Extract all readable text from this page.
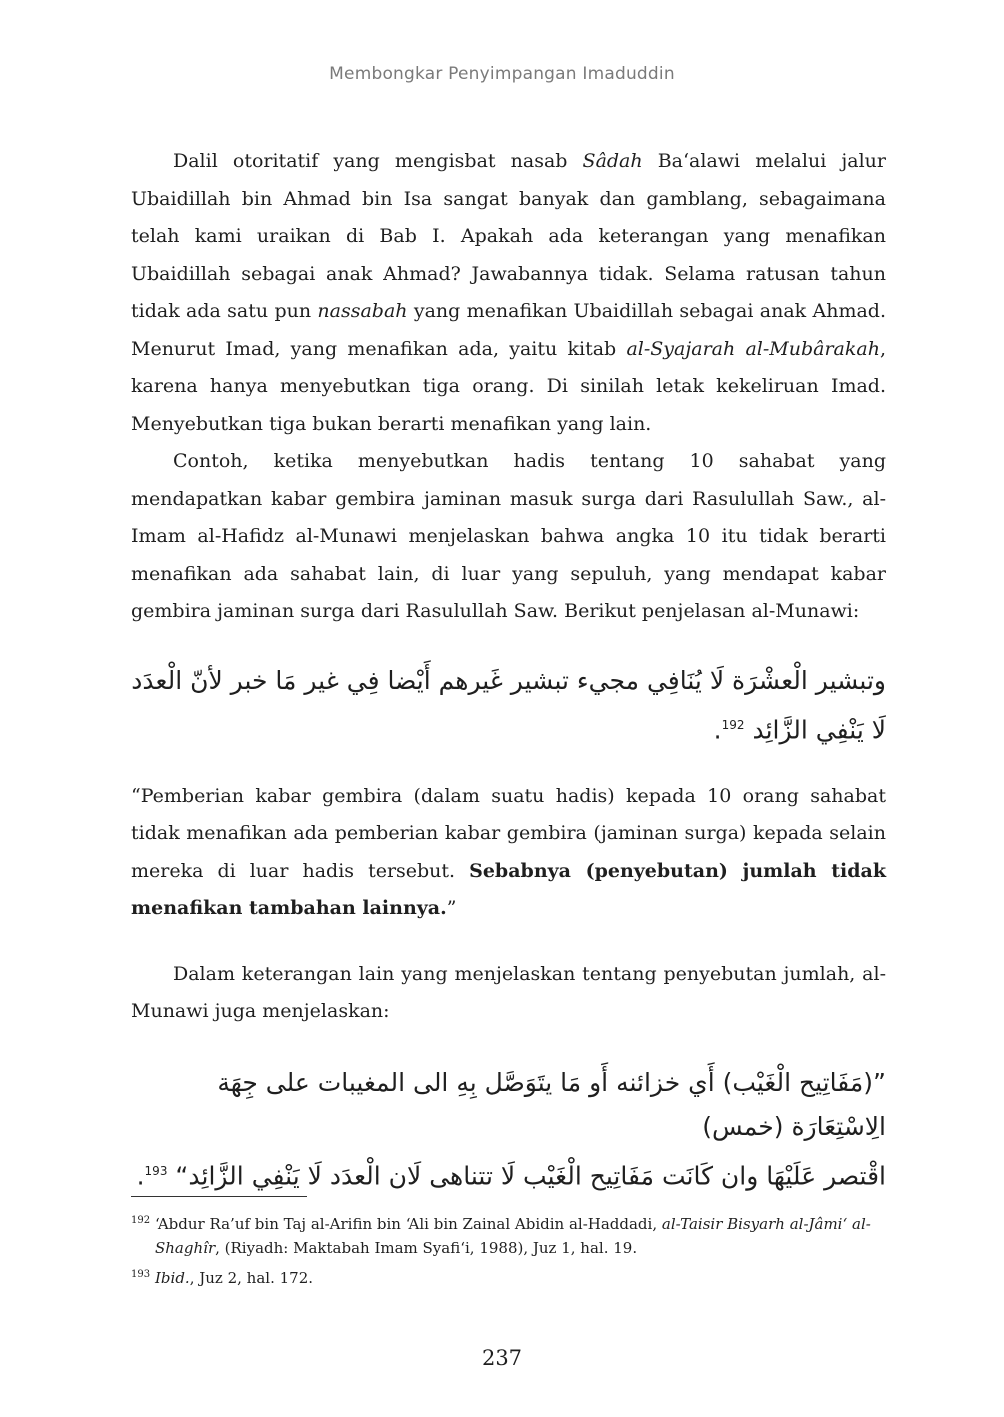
Membongkar Penyimpangan Imaduddin

Dalil otoritatif yang mengisbat nasab Sâdah Ba‘alawi melalui jalur Ubaidillah bin Ahmad bin Isa sangat banyak dan gamblang, sebagaimana telah kami uraikan di Bab I. Apakah ada keterangan yang menafikan Ubaidillah sebagai anak Ahmad? Jawabannya tidak. Selama ratusan tahun tidak ada satu pun nassabah yang menafikan Ubaidillah sebagai anak Ahmad. Menurut Imad, yang menafikan ada, yaitu kitab al-Syajarah al-Mubârakah, karena hanya menyebutkan tiga orang. Di sinilah letak kekeliruan Imad. Menyebutkan tiga bukan berarti menafikan yang lain.

Contoh, ketika menyebutkan hadis tentang 10 sahabat yang mendapatkan kabar gembira jaminan masuk surga dari Rasulullah Saw., al-Imam al-Hafidz al-Munawi menjelaskan bahwa angka 10 itu tidak berarti menafikan ada sahabat lain, di luar yang sepuluh, yang mendapat kabar gembira jaminan surga dari Rasulullah Saw. Berikut penjelasan al-Munawi:

وتبشير الْعشْرَة لَا يُنَافِي مجيء تبشير غَيرهم أَيْضا فِي غير مَا خبر لأنّ الْعدَد لَا يَنْفِي الزَّائِد $^{192}$.

“Pemberian kabar gembira (dalam suatu hadis) kepada 10 orang sahabat tidak menafikan ada pemberian kabar gembira (jaminan surga) kepada selain mereka di luar hadis tersebut. Sebabnya (penyebutan) jumlah tidak menafikan tambahan lainnya.”

Dalam keterangan lain yang menjelaskan tentang penyebutan jumlah, al-Munawi juga menjelaskan:

”(مَفَاتِيح الْغَيْب) أَي خزائنه أَو مَا يتَوَصَّل بِهِ الى المغيبات على جِهَة الِاسْتِعَارَة (خمس)

اقْتصر عَلَيْهَا وان كَانَت مَفَاتِيح الْغَيْب لَا تتناهى لَان الْعدَد لَا يَنْفِي الزَّائِد“ $^{193}$.

192 ‘Abdur Ra’uf bin Taj al-Arifin bin ‘Ali bin Zainal Abidin al-Haddadi, al-Taisir Bisyarh al-Jâmi‘ al-Shaghîr, (Riyadh: Maktabah Imam Syafi‘i, 1988), Juz 1, hal. 19.
193 Ibid., Juz 2, hal. 172.
237
